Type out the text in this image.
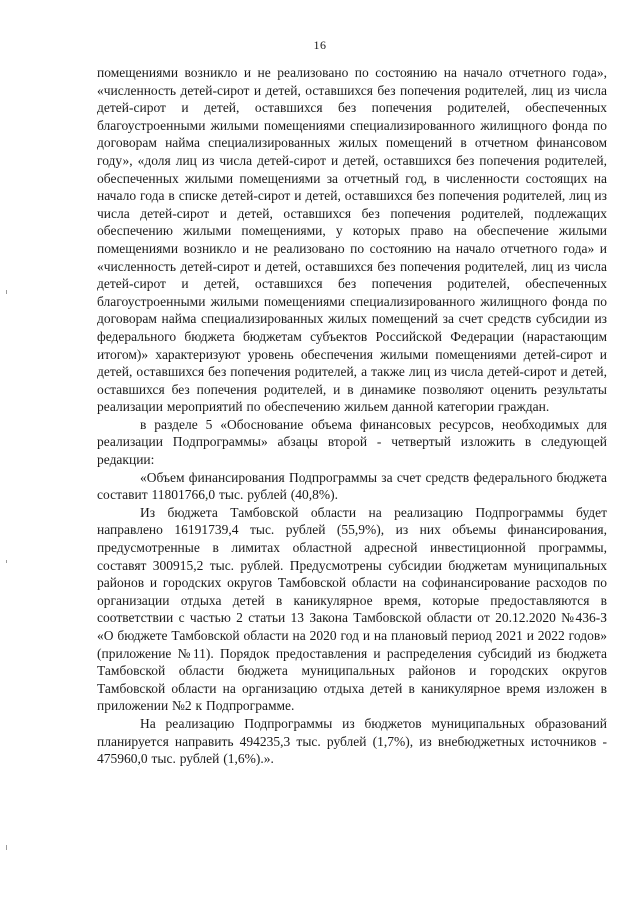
16

помещениями возникло и не реализовано по состоянию на начало отчетного года», «численность детей-сирот и детей, оставшихся без попечения родителей, лиц из числа детей-сирот и детей, оставшихся без попечения родителей, обеспеченных благоустроенными жилыми помещениями специализированного жилищного фонда по договорам найма специализированных жилых помещений в отчетном финансовом году», «доля лиц из числа детей-сирот и детей, оставшихся без попечения родителей, обеспеченных жилыми помещениями за отчетный год, в численности состоящих на начало года в списке детей-сирот и детей, оставшихся без попечения родителей, лиц из числа детей-сирот и детей, оставшихся без попечения родителей, подлежащих обеспечению жилыми помещениями, у которых право на обеспечение жилыми помещениями возникло и не реализовано по состоянию на начало отчетного года» и «численность детей-сирот и детей, оставшихся без попечения родителей, лиц из числа детей-сирот и детей, оставшихся без попечения родителей, обеспеченных благоустроенными жилыми помещениями специализированного жилищного фонда по договорам найма специализированных жилых помещений за счет средств субсидии из федерального бюджета бюджетам субъектов Российской Федерации (нарастающим итогом)» характеризуют уровень обеспечения жилыми помещениями детей-сирот и детей, оставшихся без попечения родителей, а также лиц из числа детей-сирот и детей, оставшихся без попечения родителей, и в динамике позволяют оценить результаты реализации мероприятий по обеспечению жильем данной категории граждан.

в разделе 5 «Обоснование объема финансовых ресурсов, необходимых для реализации Подпрограммы» абзацы второй - четвертый изложить в следующей редакции:

«Объем финансирования Подпрограммы за счет средств федерального бюджета составит 11801766,0 тыс. рублей (40,8%).

Из бюджета Тамбовской области на реализацию Подпрограммы будет направлено 16191739,4 тыс. рублей (55,9%), из них объемы финансирования, предусмотренные в лимитах областной адресной инвестиционной программы, составят 300915,2 тыс. рублей. Предусмотрены субсидии бюджетам муниципальных районов и городских округов Тамбовской области на софинансирование расходов по организации отдыха детей в каникулярное время, которые предоставляются в соответствии с частью 2 статьи 13 Закона Тамбовской области от 20.12.2020 №436-З «О бюджете Тамбовской области на 2020 год и на плановый период 2021 и 2022 годов» (приложение №11). Порядок предоставления и распределения субсидий из бюджета Тамбовской области бюджета муниципальных районов и городских округов Тамбовской области на организацию отдыха детей в каникулярное время изложен в приложении №2 к Подпрограмме.

На реализацию Подпрограммы из бюджетов муниципальных образований планируется направить 494235,3 тыс. рублей (1,7%), из внебюджетных источников - 475960,0 тыс. рублей (1,6%).».
